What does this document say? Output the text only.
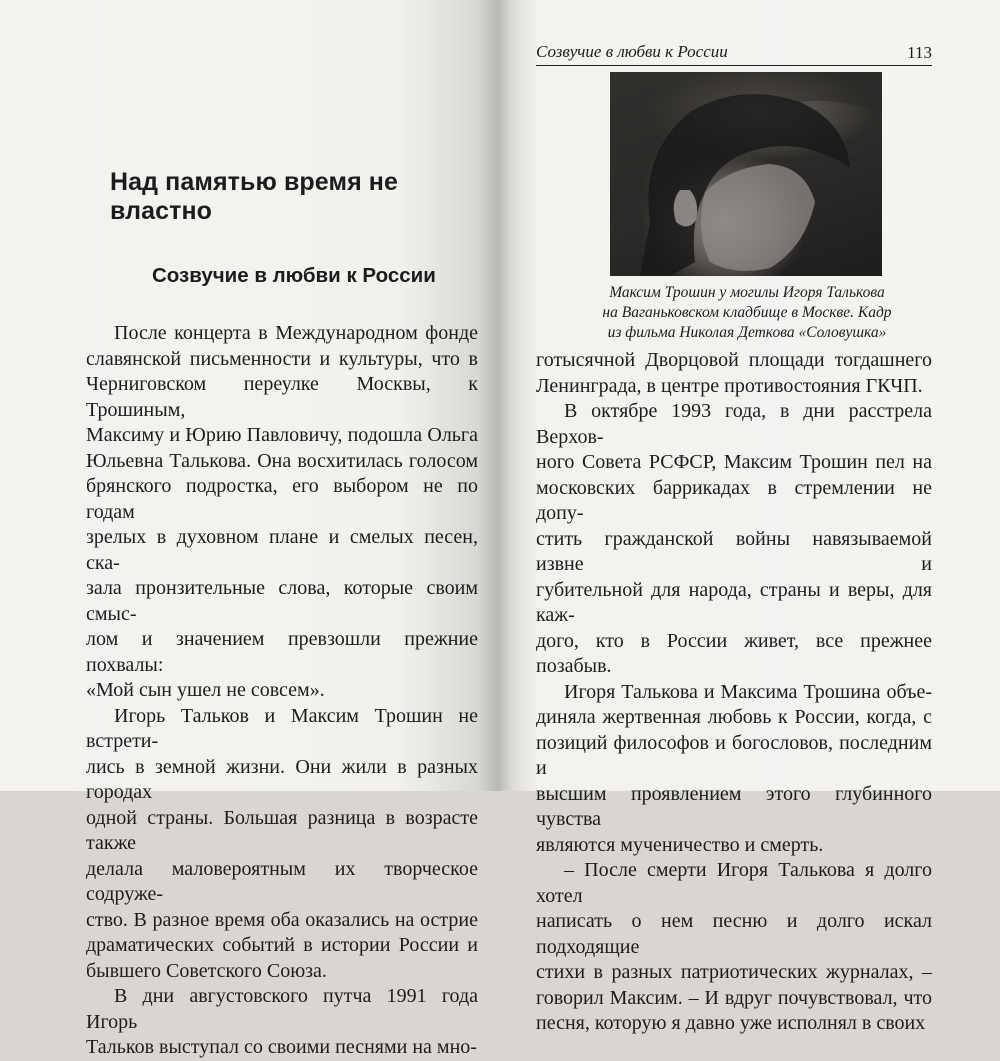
Над памятью время не властно
Созвучие в любви к России

После концерта в Международном фонде
славянской письменности и культуры, что в
Черниговском переулке Москвы, к Трошиным,
Максиму и Юрию Павловичу, подошла Ольга
Юльевна Талькова. Она восхитилась голосом
брянского подростка, его выбором не по годам
зрелых в духовном плане и смелых песен, ска-
зала пронзительные слова, которые своим смыс-
лом и значением превзошли прежние похвалы:
«Мой сын ушел не совсем».

Игорь Тальков и Максим Трошин не встрети-
лись в земной жизни. Они жили в разных городах
одной страны. Большая разница в возрасте также
делала маловероятным их творческое содруже-
ство. В разное время оба оказались на острие
драматических событий в истории России и
бывшего Советского Союза.

В дни августовского путча 1991 года Игорь
Тальков выступал со своими песнями на мно-

Созвучие в любви к России	113
Максим Трошин у могилы Игоря Талькова
на Ваганьковском кладбище в Москве. Кадр
из фильма Николая Деткова «Соловушка»

готысячной Дворцовой площади тогдашнего
Ленинграда, в центре противостояния ГКЧП.

В октябре 1993 года, в дни расстрела Верхов-
ного Совета РСФСР, Максим Трошин пел на
московских баррикадах в стремлении не допу-
стить гражданской войны навязываемой извне и
губительной для народа, страны и веры, для каж-
дого, кто в России живет, все прежнее позабыв.

Игоря Талькова и Максима Трошина объе-
диняла жертвенная любовь к России, когда, с
позиций философов и богословов, последним и
высшим проявлением этого глубинного чувства
являются мученичество и смерть.

– После смерти Игоря Талькова я долго хотел
написать о нем песню и долго искал подходящие
стихи в разных патриотических журналах, –
говорил Максим. – И вдруг почувствовал, что
песня, которую я давно уже исполнял в своих
